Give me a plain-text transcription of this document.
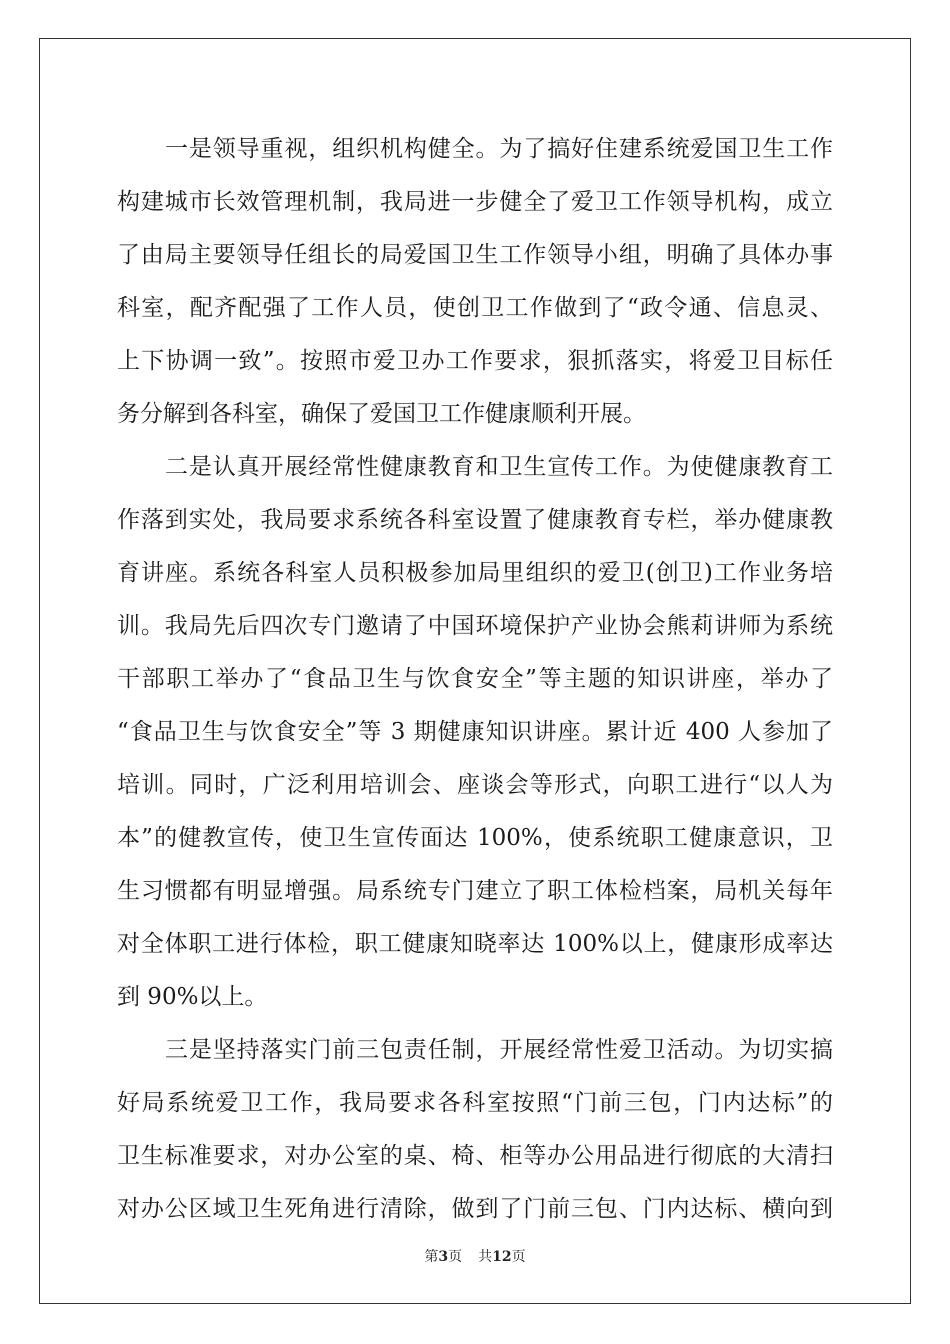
一是领导重视，组织机构健全。为了搞好住建系统爱国卫生工作
构建城市长效管理机制，我局进一步健全了爱卫工作领导机构，成立
了由局主要领导任组长的局爱国卫生工作领导小组，明确了具体办事
科室，配齐配强了工作人员，使创卫工作做到了“政令通、信息灵、
上下协调一致”。按照市爱卫办工作要求，狠抓落实，将爱卫目标任
务分解到各科室，确保了爱国卫工作健康顺利开展。
二是认真开展经常性健康教育和卫生宣传工作。为使健康教育工
作落到实处，我局要求系统各科室设置了健康教育专栏，举办健康教
育讲座。系统各科室人员积极参加局里组织的爱卫(创卫)工作业务培
训。我局先后四次专门邀请了中国环境保护产业协会熊莉讲师为系统
干部职工举办了“食品卫生与饮食安全”等主题的知识讲座，举办了
“食品卫生与饮食安全”等 3 期健康知识讲座。累计近 400 人参加了
培训。同时，广泛利用培训会、座谈会等形式，向职工进行“以人为
本”的健教宣传，使卫生宣传面达 100%，使系统职工健康意识，卫
生习惯都有明显增强。局系统专门建立了职工体检档案，局机关每年
对全体职工进行体检，职工健康知晓率达 100%以上，健康形成率达
到 90%以上。
三是坚持落实门前三包责任制，开展经常性爱卫活动。为切实搞
好局系统爱卫工作，我局要求各科室按照“门前三包，门内达标”的
卫生标准要求，对办公室的桌、椅、柜等办公用品进行彻底的大清扫
对办公区域卫生死角进行清除，做到了门前三包、门内达标、横向到
第3页 共12页
